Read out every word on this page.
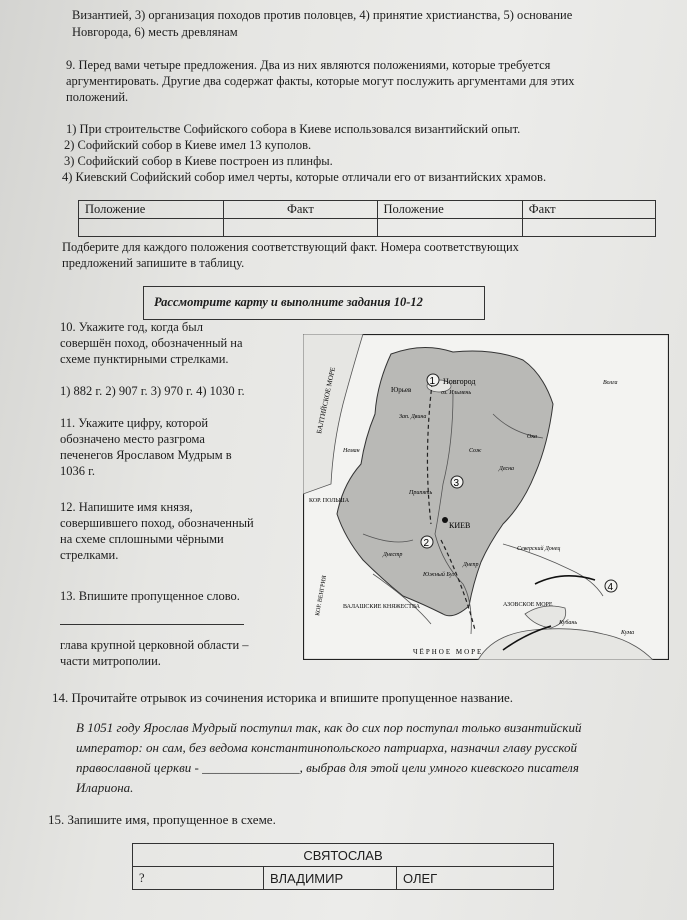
Византией, 3) организация походов против половцев, 4) принятие христианства, 5) основание
Новгорода, 6) месть древлянам
9. Перед вами четыре предложения. Два из них являются положениями, которые требуется
аргументировать. Другие два содержат факты, которые могут послужить аргументами для этих
положений.
1) При строительстве Софийского собора в Киеве использовался византийский опыт.
2) Софийский собор в Киеве имел 13 куполов.
3) Софийский собор в Киеве построен из плинфы.
4) Киевский Софийский собор имел черты, которые отличали его от византийских храмов.
Положение	Факт	Положение	Факт

Подберите для каждого положения соответствующий факт. Номера соответствующих
предложений запишите в таблицу.
Рассмотрите карту и выполните задания 10-12
10. Укажите год, когда был
совершён поход, обозначенный на
схеме пунктирными стрелками.
1) 882 г. 2) 907 г. 3) 970 г. 4) 1030 г.
11. Укажите цифру, которой
обозначено место разгрома
печенегов Ярославом Мудрым в
1036 г.
12. Напишите имя князя,
совершившего поход, обозначенный
на схеме сплошными чёрными
стрелками.
13. Впишите пропущенное слово.
глава крупной церковной области –
части митрополии.
1
2
3
4
БАЛТИЙСКОЕ МОРЕ	Новгород
оз. Ильмень
Юрьев
КИЕВ
КОР. ПОЛЬША
КОР. ВЕНГРИЯ ВАЛАШСКИЕ КНЯЖЕСТВА
ЧЁРНОЕ МОРЕ
АЗОВСКОЕ МОРЕ
Днепр
Днестр
Северский Донец
Ока
Волга
Десна
Припять
Сож
Неман
Зап. Двина
Южный Буг
Кубань
Кума
14. Прочитайте отрывок из сочинения историка и впишите пропущенное название.
В 1051 году Ярослав Мудрый поступил так, как до сих пор поступал только византийский
император: он сам, без ведома константинопольского патриарха, назначил главу русской
православной церкви - _______________, выбрав для этой цели умного киевского писателя
Илариона.
15. Запишите имя, пропущенное в схеме.
СВЯТОСЛАВ
?	ВЛАДИМИР	ОЛЕГ
